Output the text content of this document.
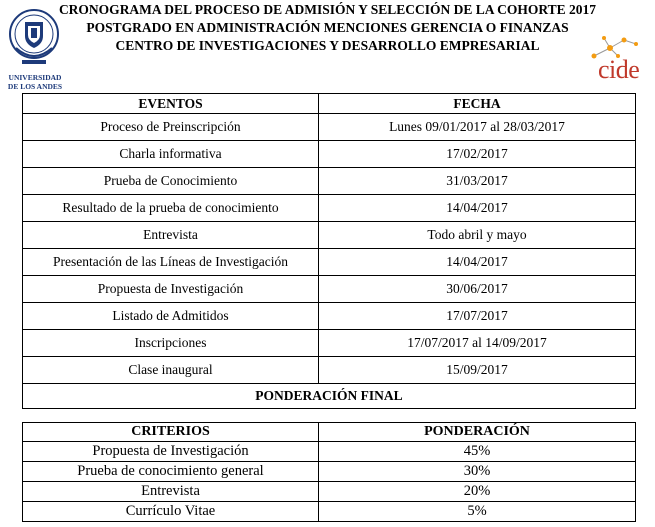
CRONOGRAMA DEL PROCESO DE ADMISIÓN Y SELECCIÓN DE LA COHORTE 2017
POSTGRADO EN ADMINISTRACIÓN MENCIONES GERENCIA O FINANZAS
CENTRO DE INVESTIGACIONES Y DESARROLLO EMPRESARIAL
UNIVERSIDAD
DE LOS ANDES
cide
EVENTOS	FECHA
Proceso de Preinscripción	Lunes 09/01/2017 al 28/03/2017
Charla informativa	17/02/2017
Prueba de Conocimiento	31/03/2017
Resultado de la prueba de conocimiento	14/04/2017
Entrevista	Todo abril y mayo
Presentación de las Líneas de Investigación	14/04/2017
Propuesta de Investigación	30/06/2017
Listado de Admitidos	17/07/2017
Inscripciones	17/07/2017 al 14/09/2017
Clase inaugural	15/09/2017
PONDERACIÓN FINAL	
CRITERIOS	PONDERACIÓN
Propuesta de Investigación	45%
Prueba de conocimiento general	30%
Entrevista	20%
Currículo Vitae	5%
